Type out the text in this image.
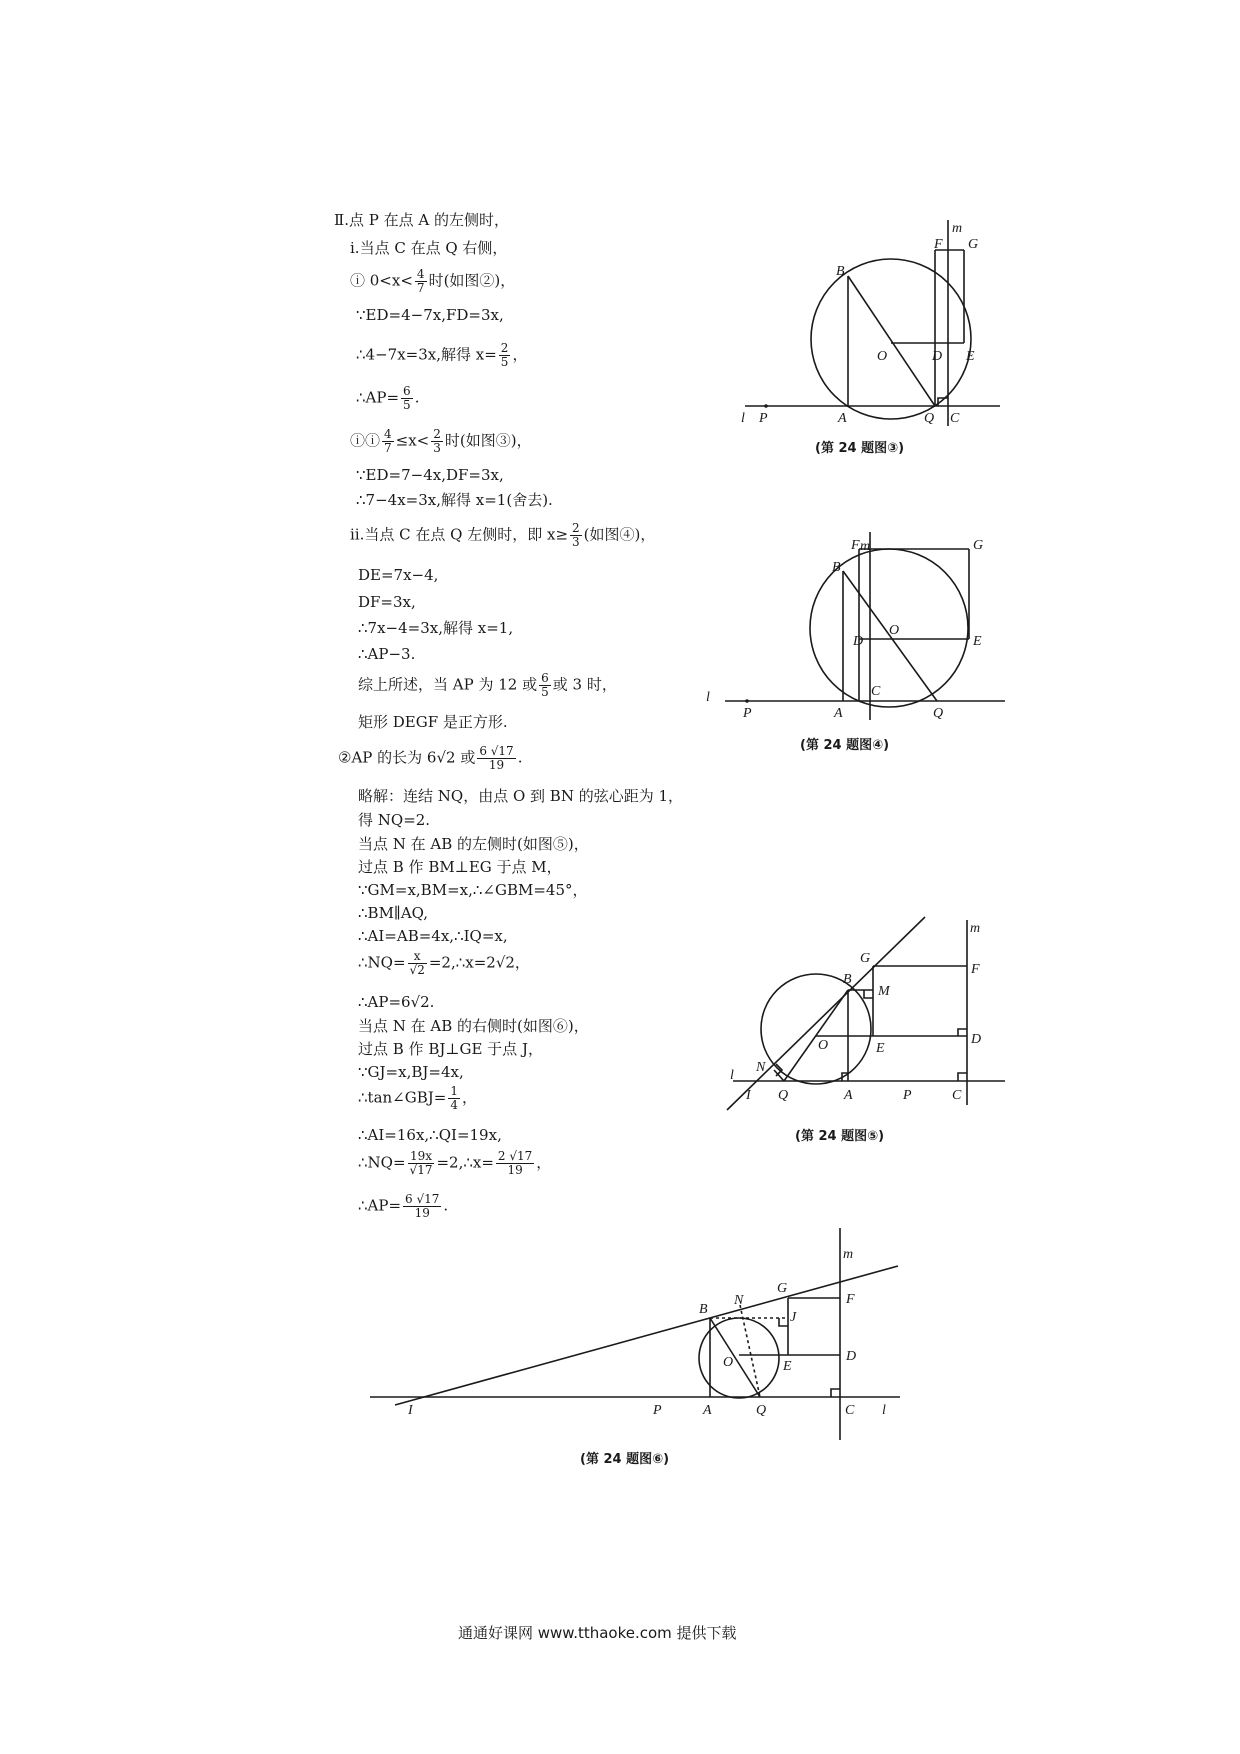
Ⅱ.点 P 在点 A 的左侧时，
ⅰ.当点 C 在点 Q 右侧，
ⓘ $0<x< \frac{4}{7}$ 时(如图②)，
∵ED=4−7x,FD=3x,
∴4−7x=3x,解得 $x= \frac{2}{5}$ ，
∴AP= $\frac{6}{5}$ .
ⓘⓘ $\frac{4}{7} \le x< \frac{2}{3}$ 时(如图③)，
∵ED=7−4x,DF=3x,
∴7−4x=3x,解得 x=1(舍去).
ⅱ.当点 C 在点 Q 左侧时，即 $x\ge \frac{2}{3}$ (如图④)，
DE=7x−4,
DF=3x,
∴7x−4=3x,解得 x=1,
∴AP−3.
综上所述，当 AP 为 12 或 $\frac{6}{5}$ 或 3 时，
矩形 DEGF 是正方形.
②AP 的长为 6√2 或 $\frac{6 √17}{19}$ .
略解：连结 NQ，由点 O 到 BN 的弦心距为 1，
得 NQ=2.
当点 N 在 AB 的左侧时(如图⑤)，
过点 B 作 BM⊥EG 于点 M，
∵GM=x,BM=x,∴∠GBM=45°，
∴BM∥AQ,
∴AI=AB=4x,∴IQ=x,
∴NQ= $\frac{x}{√2}$ =2,∴x=2√2，
∴AP=6√2.
当点 N 在 AB 的右侧时(如图⑥)，
过点 B 作 BJ⊥GE 于点 J，
∵GJ=x,BJ=4x,
∴tan∠GBJ= $\frac{1}{4}$ ，
∴AI=16x,∴QI=19x,
∴NQ= $\frac{19x}{√17}$ =2,∴x= $\frac{2 √17}{19}$ ，
∴AP= $\frac{6 √17}{19}$ .
m
F G
B
O	D E
l P	A	Q C
(第 24 题图③)
m
F	G
B
O
D	E
l
P	A
C
Q
(第 24 题图④)
m
G
F
B
M
O	E
D
l
N
I Q	A	P	C
(第 24 题图⑤)
m
G
F
B
N
J
O	E
D
I	P	A	Q	C l
(第 24 题图⑥)
通通好课网 www.tthaoke.com 提供下载
